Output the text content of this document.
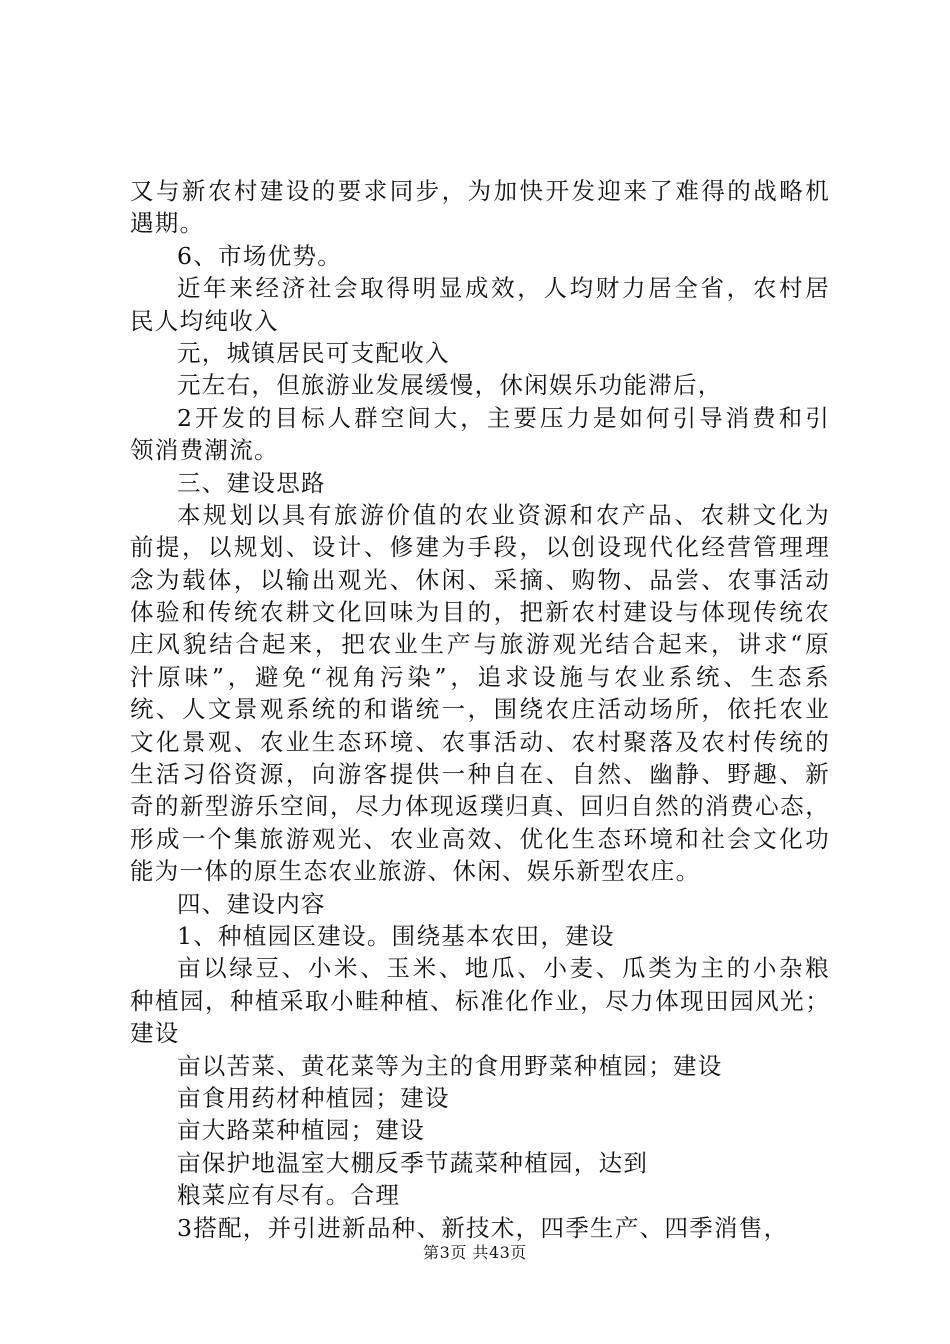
又与新农村建设的要求同步，为加快开发迎来了难得的战略机
遇期。
6、市场优势。
近年来经济社会取得明显成效，人均财力居全省，农村居
民人均纯收入
元，城镇居民可支配收入
元左右，但旅游业发展缓慢，休闲娱乐功能滞后，
2开发的目标人群空间大，主要压力是如何引导消费和引
领消费潮流。
三、建设思路
本规划以具有旅游价值的农业资源和农产品、农耕文化为
前提，以规划、设计、修建为手段，以创设现代化经营管理理
念为载体，以输出观光、休闲、采摘、购物、品尝、农事活动
体验和传统农耕文化回味为目的，把新农村建设与体现传统农
庄风貌结合起来，把农业生产与旅游观光结合起来，讲求“原
汁原味”，避免“视角污染”，追求设施与农业系统、生态系
统、人文景观系统的和谐统一，围绕农庄活动场所，依托农业
文化景观、农业生态环境、农事活动、农村聚落及农村传统的
生活习俗资源，向游客提供一种自在、自然、幽静、野趣、新
奇的新型游乐空间，尽力体现返璞归真、回归自然的消费心态，
形成一个集旅游观光、农业高效、优化生态环境和社会文化功
能为一体的原生态农业旅游、休闲、娱乐新型农庄。
四、建设内容
1、种植园区建设。围绕基本农田，建设
亩以绿豆、小米、玉米、地瓜、小麦、瓜类为主的小杂粮
种植园，种植采取小畦种植、标准化作业，尽力体现田园风光；
建设
亩以苦菜、黄花菜等为主的食用野菜种植园；建设
亩食用药材种植园；建设
亩大路菜种植园；建设
亩保护地温室大棚反季节蔬菜种植园，达到
粮菜应有尽有。合理
3搭配，并引进新品种、新技术，四季生产、四季消售，
第3页 共43页
